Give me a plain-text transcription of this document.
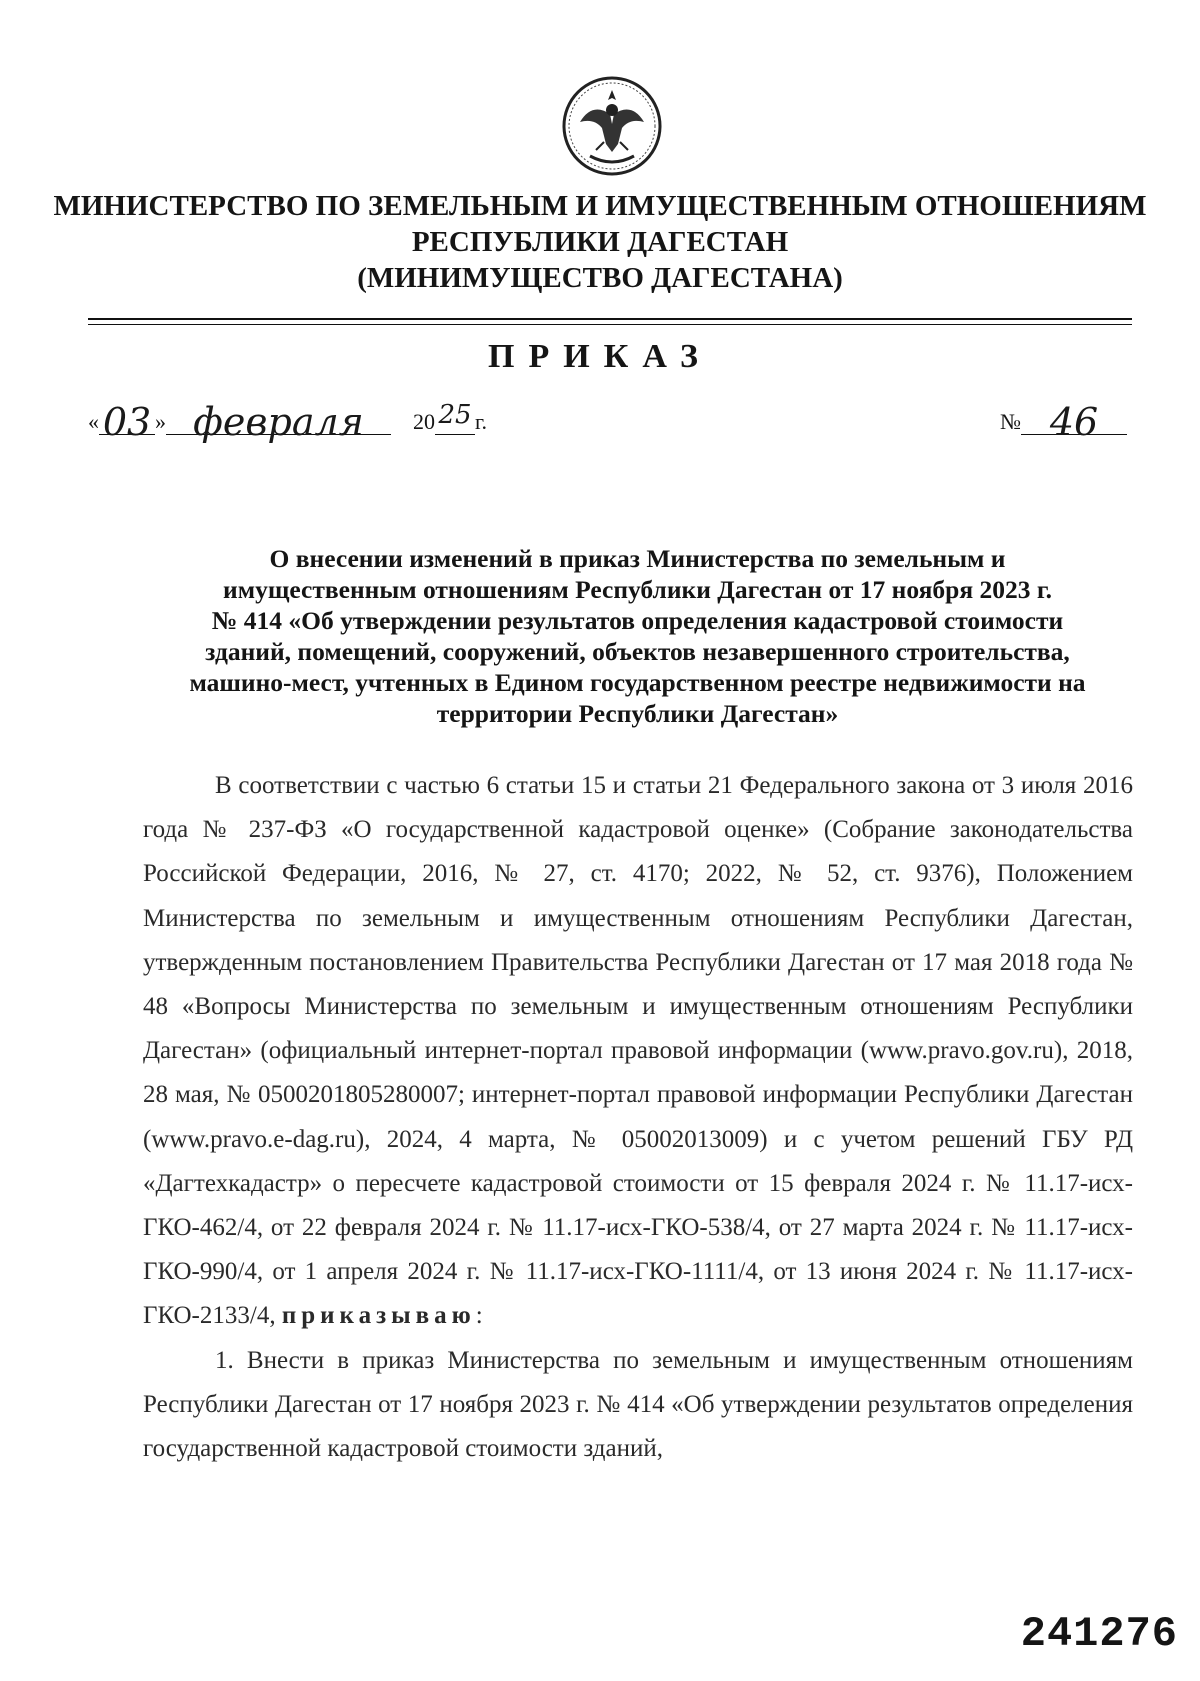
МИНИСТЕРСТВО ПО ЗЕМЕЛЬНЫМ И ИМУЩЕСТВЕННЫМ ОТНОШЕНИЯМ
РЕСПУБЛИКИ ДАГЕСТАН
(МИНИМУЩЕСТВО ДАГЕСТАНА)
ПРИКАЗ
« 03 » февраля 20 25 г.	№ 46
О внесении изменений в приказ Министерства по земельным и
имущественным отношениям Республики Дагестан от 17 ноября 2023 г.
№ 414 «Об утверждении результатов определения кадастровой стоимости
зданий, помещений, сооружений, объектов незавершенного строительства,
машино-мест, учтенных в Едином государственном реестре недвижимости на
территории Республики Дагестан»

В соответствии с частью 6 статьи 15 и статьи 21 Федерального закона от 3 июля 2016 года № 237-ФЗ «О государственной кадастровой оценке» (Собрание законодательства Российской Федерации, 2016, № 27, ст. 4170; 2022, № 52, ст. 9376), Положением Министерства по земельным и имущественным отношениям Республики Дагестан, утвержденным постановлением Правительства Республики Дагестан от 17 мая 2018 года № 48 «Вопросы Министерства по земельным и имущественным отношениям Республики Дагестан» (официальный интернет-портал правовой информации (www.pravo.gov.ru), 2018, 28 мая, № 0500201805280007; интернет-портал правовой информации Республики Дагестан (www.pravo.e-dag.ru), 2024, 4 марта, № 05002013009) и с учетом решений ГБУ РД «Дагтехкадастр» о пересчете кадастровой стоимости от 15 февраля 2024 г. № 11.17-исх-ГКО-462/4, от 22 февраля 2024 г. № 11.17-исх-ГКО-538/4, от 27 марта 2024 г. № 11.17-исх-ГКО-990/4, от 1 апреля 2024 г. № 11.17-исх-ГКО-1111/4, от 13 июня 2024 г. № 11.17-исх-ГКО-2133/4, приказываю:

1. Внести в приказ Министерства по земельным и имущественным отношениям Республики Дагестан от 17 ноября 2023 г. № 414 «Об утверждении результатов определения государственной кадастровой стоимости зданий,

241276
